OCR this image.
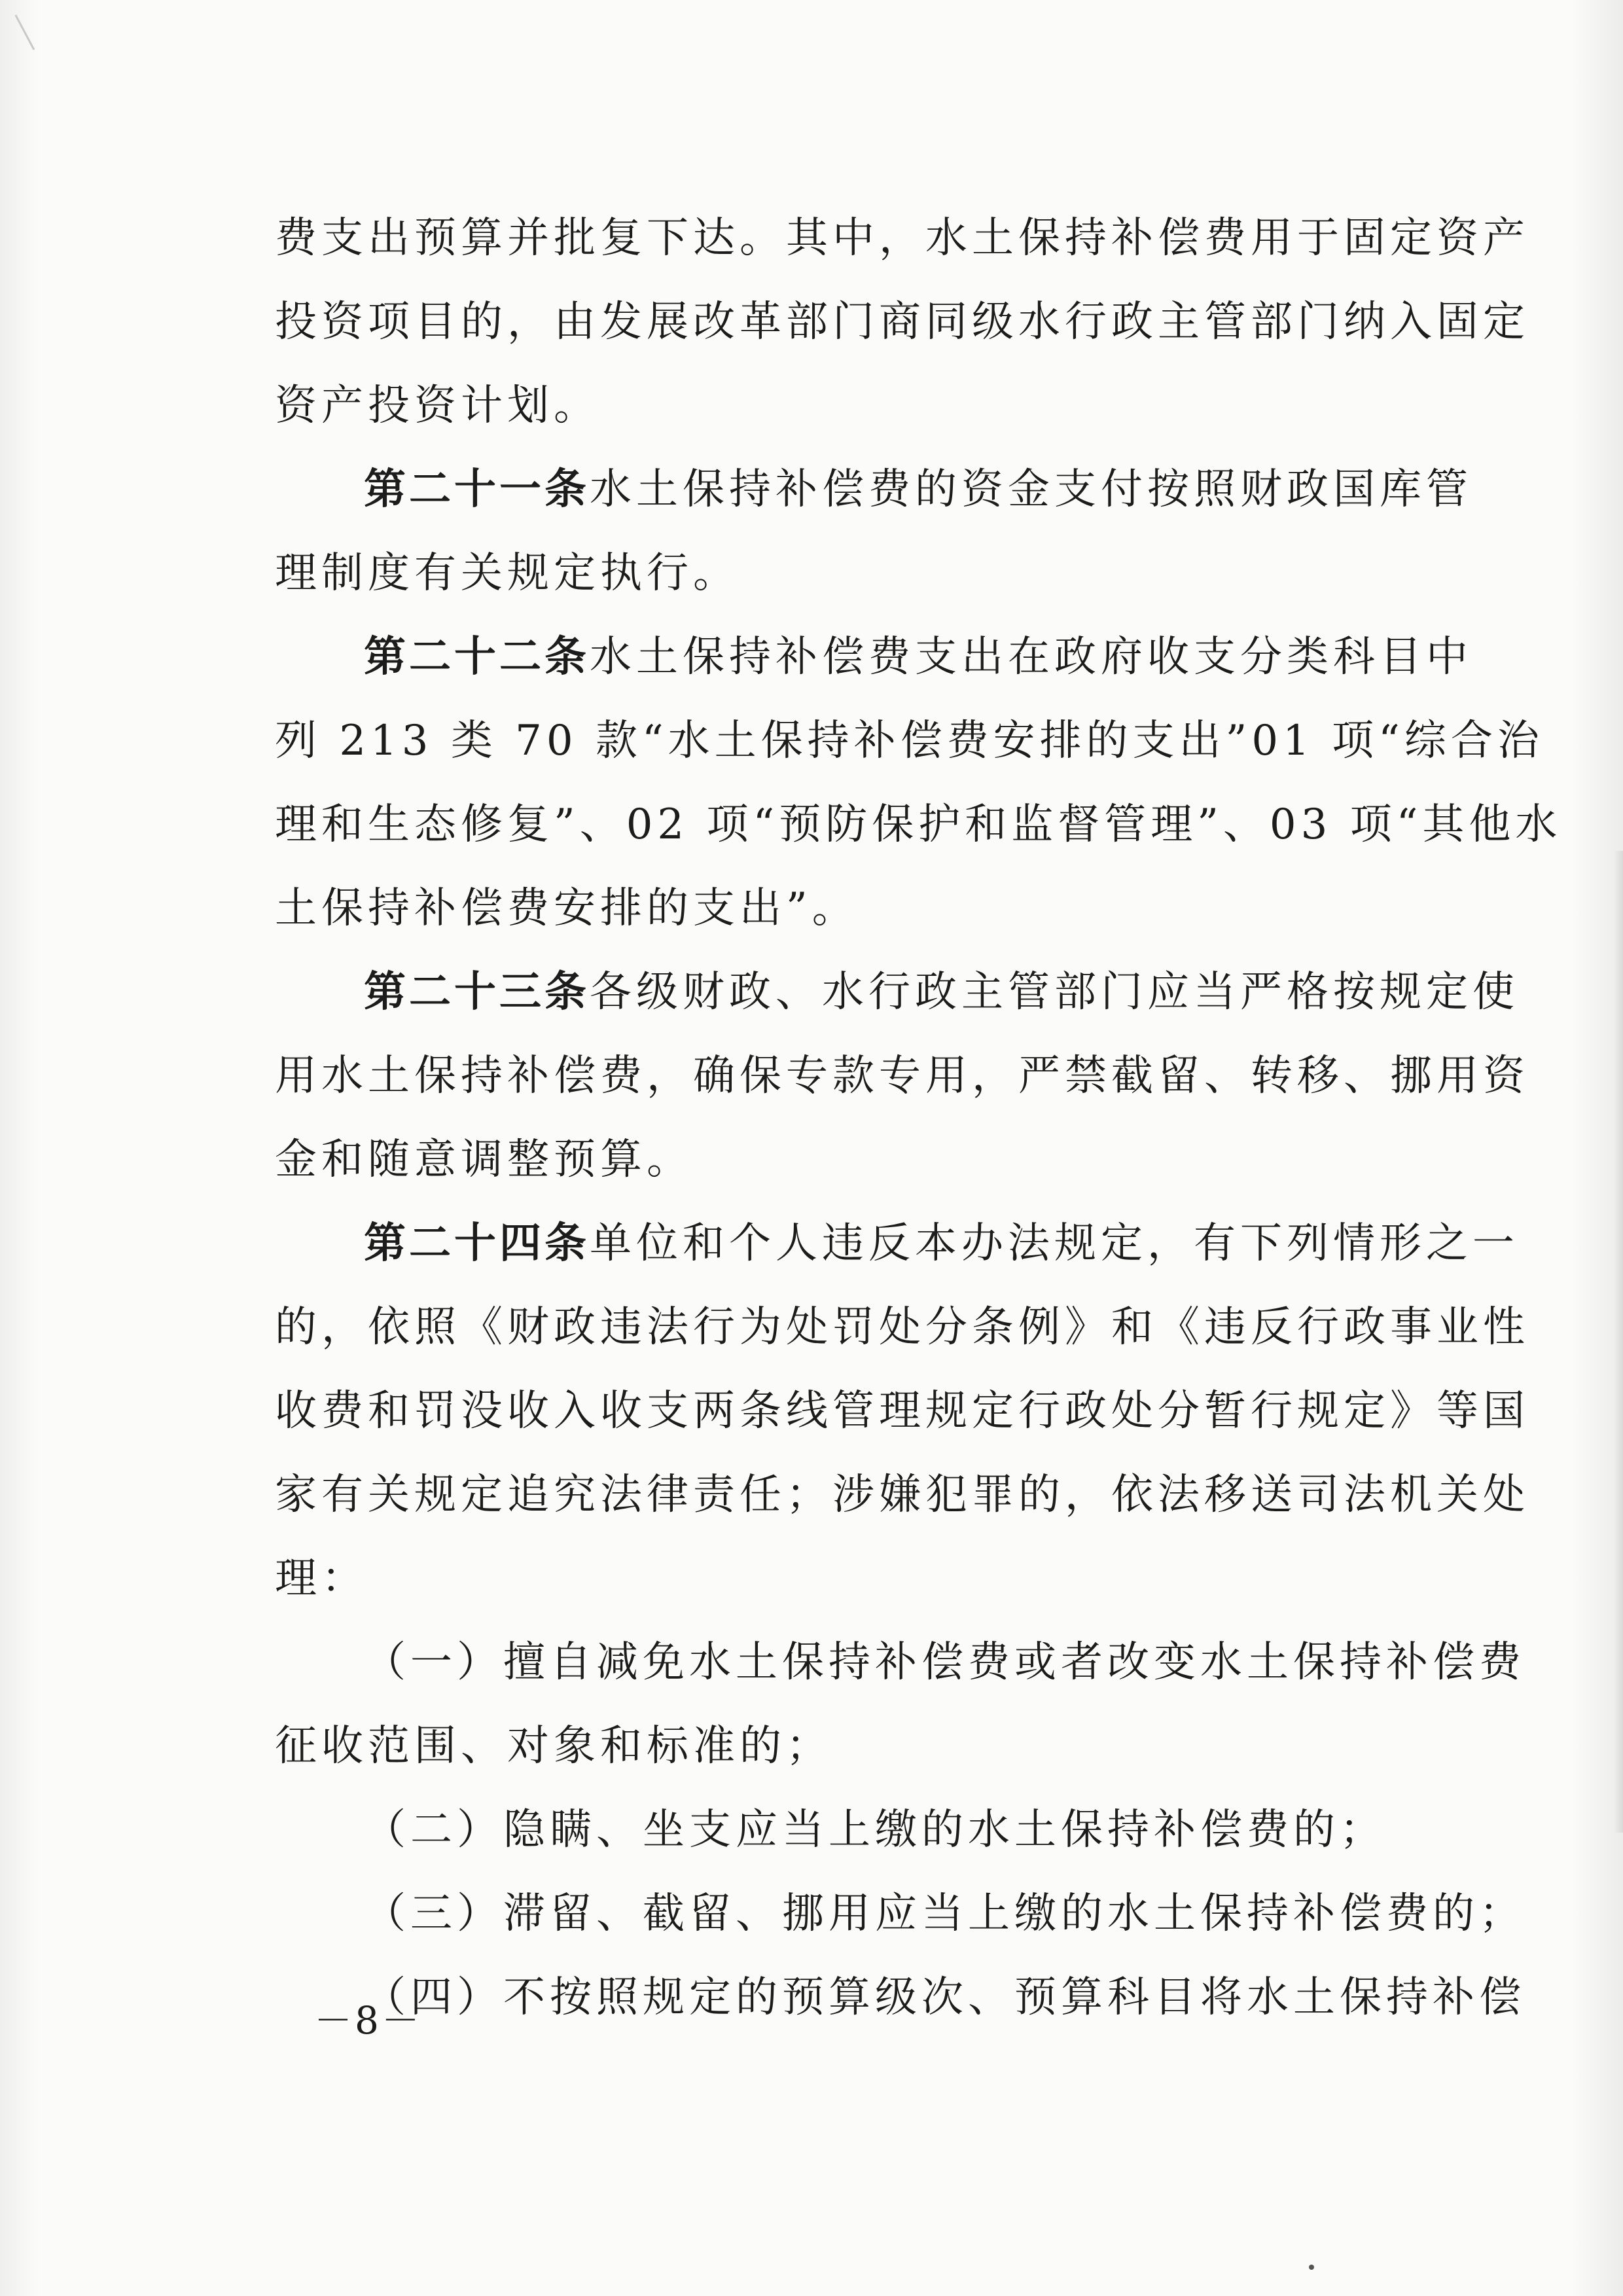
费支出预算并批复下达。其中，水土保持补偿费用于固定资产
投资项目的，由发展改革部门商同级水行政主管部门纳入固定
资产投资计划。
第二十一条水土保持补偿费的资金支付按照财政国库管
理制度有关规定执行。
第二十二条水土保持补偿费支出在政府收支分类科目中
列 213 类 70 款“水土保持补偿费安排的支出”01 项“综合治
理和生态修复”、02 项“预防保护和监督管理”、03 项“其他水
土保持补偿费安排的支出”。
第二十三条各级财政、水行政主管部门应当严格按规定使
用水土保持补偿费，确保专款专用，严禁截留、转移、挪用资
金和随意调整预算。
第二十四条单位和个人违反本办法规定，有下列情形之一
的，依照《财政违法行为处罚处分条例》和《违反行政事业性
收费和罚没收入收支两条线管理规定行政处分暂行规定》等国
家有关规定追究法律责任；涉嫌犯罪的，依法移送司法机关处
理：
（一）擅自减免水土保持补偿费或者改变水土保持补偿费
征收范围、对象和标准的；
（二）隐瞒、坐支应当上缴的水土保持补偿费的；
（三）滞留、截留、挪用应当上缴的水土保持补偿费的；
（四）不按照规定的预算级次、预算科目将水土保持补偿
－8－
